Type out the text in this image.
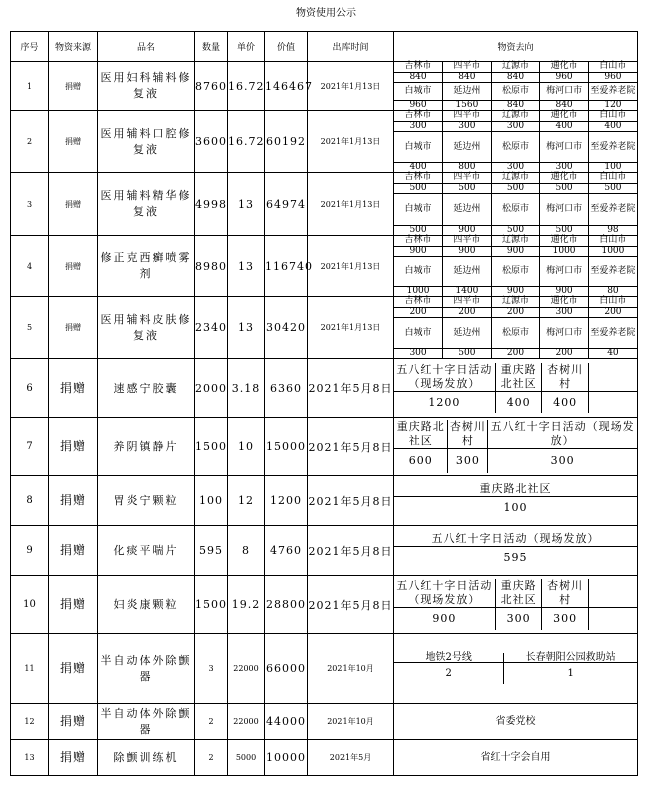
物资使用公示
序号	物资来源	品名	数量	单价	价值	出库时间	物资去向
1	捐赠	医用妇科辅料修复液	8760	16.72	146467	2021年1月13日	
吉林市	四平市	辽源市	通化市	白山市
840	840	840	960	960
白城市	延边州	松原市	梅河口市	至爱养老院
960	1560	840	840	120

2	捐赠	医用辅料口腔修复液	3600	16.72	60192	2021年1月13日	
吉林市	四平市	辽源市	通化市	白山市
300	300	300	400	400
白城市	延边州	松原市	梅河口市	至爱养老院
400	800	300	300	100

3	捐赠	医用辅料精华修复液	4998	13	64974	2021年1月13日	
吉林市	四平市	辽源市	通化市	白山市
500	500	500	500	500
白城市	延边州	松原市	梅河口市	至爱养老院
500	900	500	500	98

4	捐赠	修正克西癣喷雾剂	8980	13	116740	2021年1月13日	
吉林市	四平市	辽源市	通化市	白山市
900	900	900	1000	1000
白城市	延边州	松原市	梅河口市	至爱养老院
1000	1400	900	900	80

5	捐赠	医用辅料皮肤修复液	2340	13	30420	2021年1月13日	
吉林市	四平市	辽源市	通化市	白山市
200	200	200	300	200
白城市	延边州	松原市	梅河口市	至爱养老院
300	500	200	200	40

6	捐赠	速感宁胶囊	2000	3.18	6360	2021年5月8日	
五八红十字日活动（现场发放）	重庆路北社区	杏树川村	
1200	400	400	

7	捐赠	养阴镇静片	1500	10	15000	2021年5月8日	
重庆路北社区	杏树川村	五八红十字日活动（现场发放）
600	300	300

8	捐赠	胃炎宁颗粒	100	12	1200	2021年5月8日	
重庆路北社区
100

9	捐赠	化痰平喘片	595	8	4760	2021年5月8日	
五八红十字日活动（现场发放）
595

10	捐赠	妇炎康颗粒	1500	19.2	28800	2021年5月8日	
五八红十字日活动（现场发放）	重庆路北社区	杏树川村	
900	300	300	

11	捐赠	半自动体外除颤器	3	22000	66000	2021年10月	
地铁2号线	长春朝阳公园救助站
2	1

12	捐赠	半自动体外除颤器	2	22000	44000	2021年10月		省委党校

13	捐赠	除颤训练机	2	5000	10000	2021年5月		省红十字会自用
